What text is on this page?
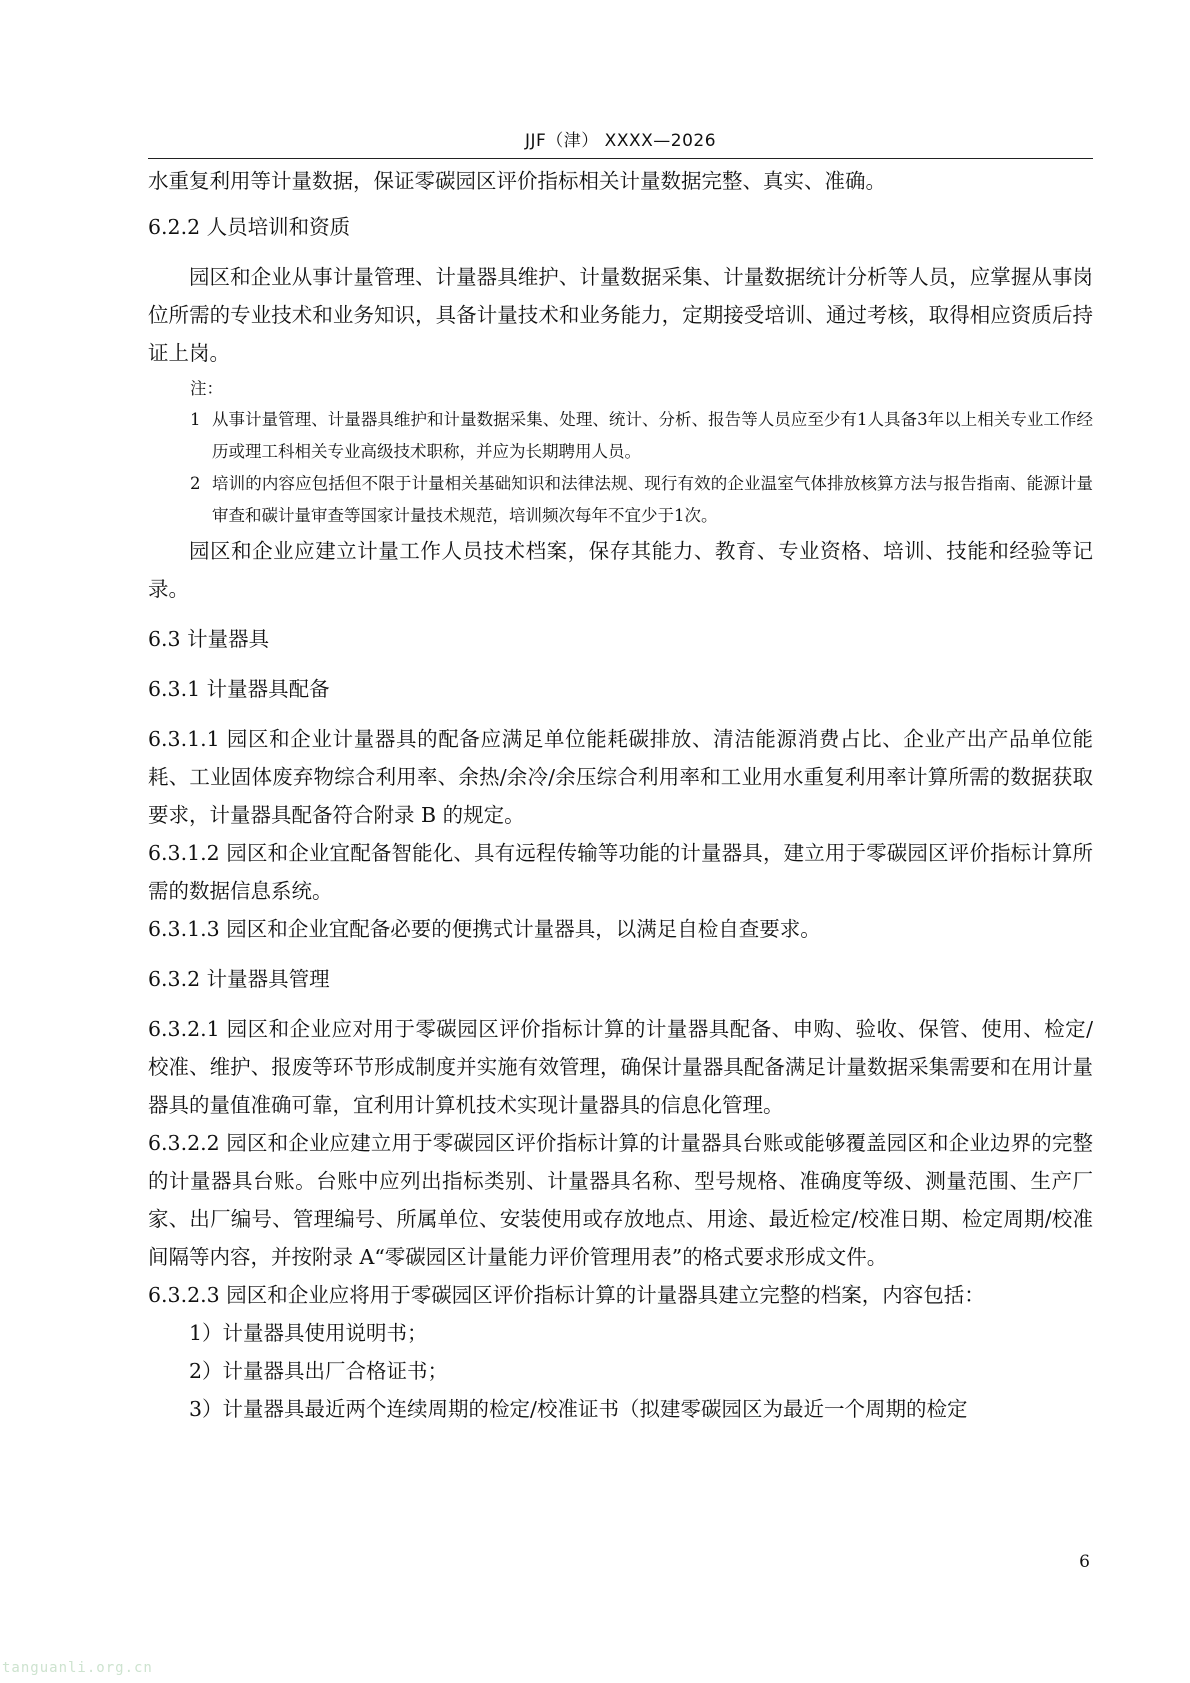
JJF（津） XXXX—2026

水重复利用等计量数据，保证零碳园区评价指标相关计量数据完整、真实、准确。

6.2.2 人员培训和资质

园区和企业从事计量管理、计量器具维护、计量数据采集、计量数据统计分析等人员，应掌握从事岗位所需的专业技术和业务知识，具备计量技术和业务能力，定期接受培训、通过考核，取得相应资质后持证上岗。

注：

1 从事计量管理、计量器具维护和计量数据采集、处理、统计、分析、报告等人员应至少有1人具备3年以上相关专业工作经历或理工科相关专业高级技术职称，并应为长期聘用人员。
2 培训的内容应包括但不限于计量相关基础知识和法律法规、现行有效的企业温室气体排放核算方法与报告指南、能源计量审查和碳计量审查等国家计量技术规范，培训频次每年不宜少于1次。

园区和企业应建立计量工作人员技术档案，保存其能力、教育、专业资格、培训、技能和经验等记录。

6.3 计量器具

6.3.1 计量器具配备

6.3.1.1 园区和企业计量器具的配备应满足单位能耗碳排放、清洁能源消费占比、企业产出产品单位能耗、工业固体废弃物综合利用率、余热/余冷/余压综合利用率和工业用水重复利用率计算所需的数据获取要求，计量器具配备符合附录 B 的规定。

6.3.1.2 园区和企业宜配备智能化、具有远程传输等功能的计量器具，建立用于零碳园区评价指标计算所需的数据信息系统。

6.3.1.3 园区和企业宜配备必要的便携式计量器具，以满足自检自查要求。

6.3.2 计量器具管理

6.3.2.1 园区和企业应对用于零碳园区评价指标计算的计量器具配备、申购、验收、保管、使用、检定/校准、维护、报废等环节形成制度并实施有效管理，确保计量器具配备满足计量数据采集需要和在用计量器具的量值准确可靠，宜利用计算机技术实现计量器具的信息化管理。

6.3.2.2 园区和企业应建立用于零碳园区评价指标计算的计量器具台账或能够覆盖园区和企业边界的完整的计量器具台账。台账中应列出指标类别、计量器具名称、型号规格、准确度等级、测量范围、生产厂家、出厂编号、管理编号、所属单位、安装使用或存放地点、用途、最近检定/校准日期、检定周期/校准间隔等内容，并按附录 A“零碳园区计量能力评价管理用表”的格式要求形成文件。

6.3.2.3 园区和企业应将用于零碳园区评价指标计算的计量器具建立完整的档案，内容包括：

1）计量器具使用说明书；

2）计量器具出厂合格证书；

3）计量器具最近两个连续周期的检定/校准证书（拟建零碳园区为最近一个周期的检定

6
tanguanli.org.cn
